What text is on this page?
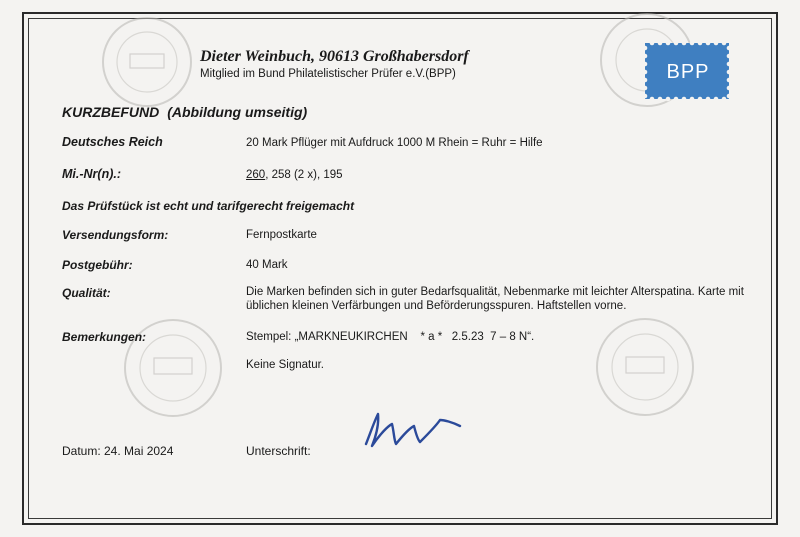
Dieter Weinbuch, 90613 Großhabersdorf
Mitglied im Bund Philatelistischer Prüfer e.V.(BPP)	BPP
KURZBEFUND (Abbildung umseitig)
Deutsches Reich	20 Mark Pflüger mit Aufdruck 1000 M Rhein = Ruhr = Hilfe
Mi.-Nr(n).:	260, 258 (2 x), 195
Das Prüfstück ist echt und tarifgerecht freigemacht
Versendungsform:	Fernpostkarte
Postgebühr:	40 Mark
Qualität:	Die Marken befinden sich in guter Bedarfsqualität, Nebenmarke mit leichter Alterspatina. Karte mit üblichen kleinen Verfärbungen und Beförderungsspuren. Haftstellen vorne.
Bemerkungen:	Stempel: „MARKNEUKIRCHEN    * a *   2.5.23  7 – 8 N“.
Keine Signatur.
Datum: 24. Mai 2024	Unterschrift:
